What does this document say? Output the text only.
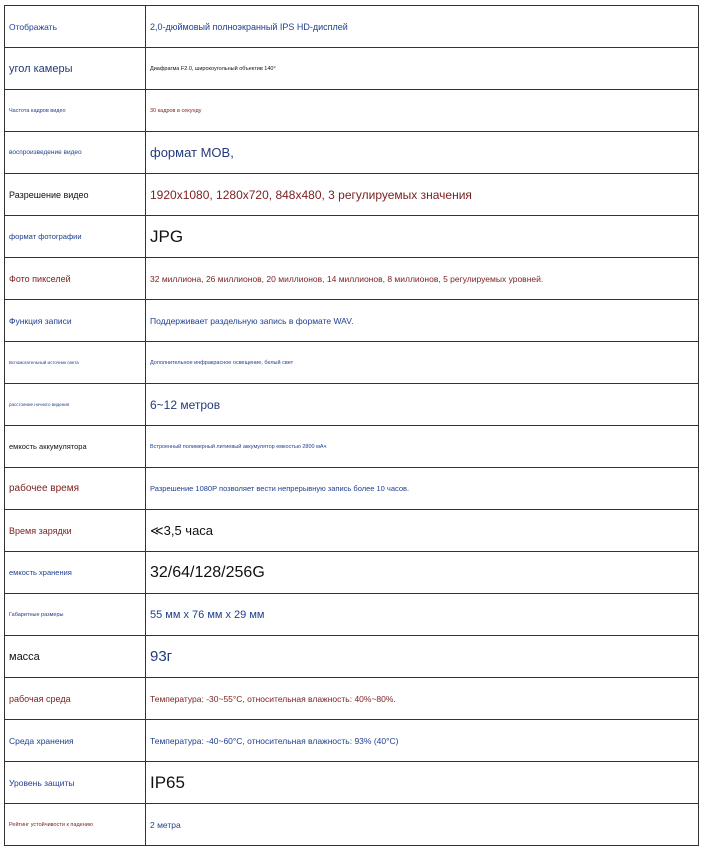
Отображать	2,0-дюймовый полноэкранный IPS HD-дисплей
угол камеры	Диафрагма F2.0, широкоугольный объектив 140°
Частота кадров видео	30 кадров в секунду
воспроизведение видео	формат MOB,
Разрешение видео	1920x1080, 1280x720, 848x480, 3 регулируемых значения
формат фотографии	JPG
Фото пикселей	32 миллиона, 26 миллионов, 20 миллионов, 14 миллионов, 8 миллионов, 5 регулируемых уровней.
Функция записи	Поддерживает раздельную запись в формате WAV.
Вспомогательный источник света	Дополнительное инфракрасное освещение, белый свет
расстояние ночного видения	6~12 метров
емкость аккумулятора	Встроенный полимерный литиевый аккумулятор емкостью 2800 мАч
рабочее время	Разрешение 1080P позволяет вести непрерывную запись более 10 часов.
Время зарядки	≪3,5 часа
емкость хранения	32/64/128/256G
Габаритные размеры	55 мм x 76 мм x 29 мм
масса	93г
рабочая среда	Температура: -30~55°C, относительная влажность: 40%~80%.
Среда хранения	Температура: -40~60°C, относительная влажность: 93% (40°C)
Уровень защиты	IP65
Рейтинг устойчивости к падению	2 метра
